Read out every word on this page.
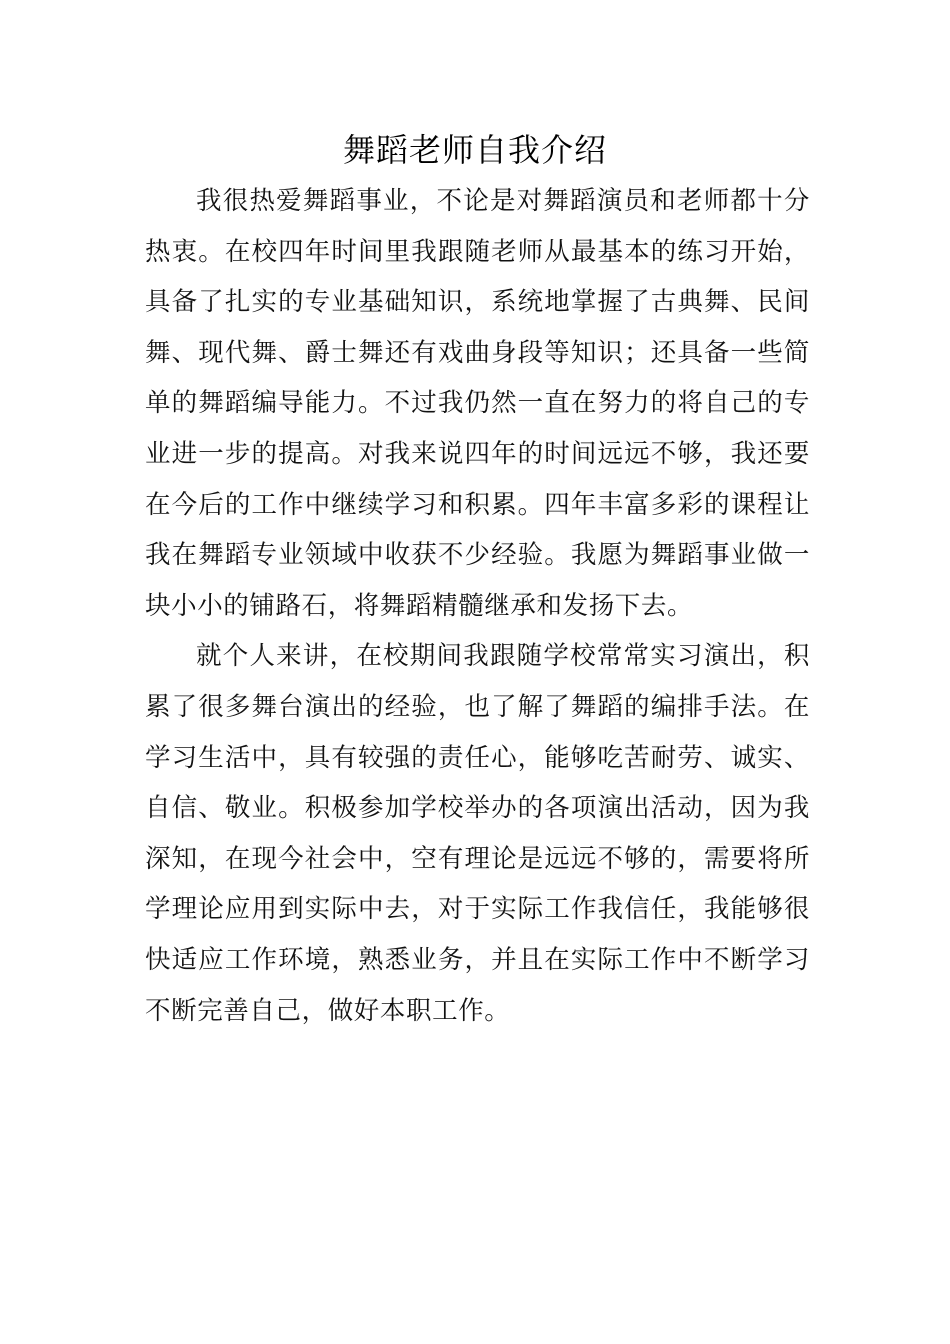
舞蹈老师自我介绍

我很热爱舞蹈事业，不论是对舞蹈演员和老师都十分热衷。在校四年时间里我跟随老师从最基本的练习开始，具备了扎实的专业基础知识，系统地掌握了古典舞、民间舞、现代舞、爵士舞还有戏曲身段等知识；还具备一些简单的舞蹈编导能力。不过我仍然一直在努力的将自己的专业进一步的提高。对我来说四年的时间远远不够，我还要在今后的工作中继续学习和积累。四年丰富多彩的课程让我在舞蹈专业领域中收获不少经验。我愿为舞蹈事业做一块小小的铺路石，将舞蹈精髓继承和发扬下去。

就个人来讲，在校期间我跟随学校常常实习演出，积累了很多舞台演出的经验，也了解了舞蹈的编排手法。在学习生活中，具有较强的责任心，能够吃苦耐劳、诚实、自信、敬业。积极参加学校举办的各项演出活动，因为我深知，在现今社会中，空有理论是远远不够的，需要将所学理论应用到实际中去，对于实际工作我信任，我能够很快适应工作环境，熟悉业务，并且在实际工作中不断学习不断完善自己，做好本职工作。
